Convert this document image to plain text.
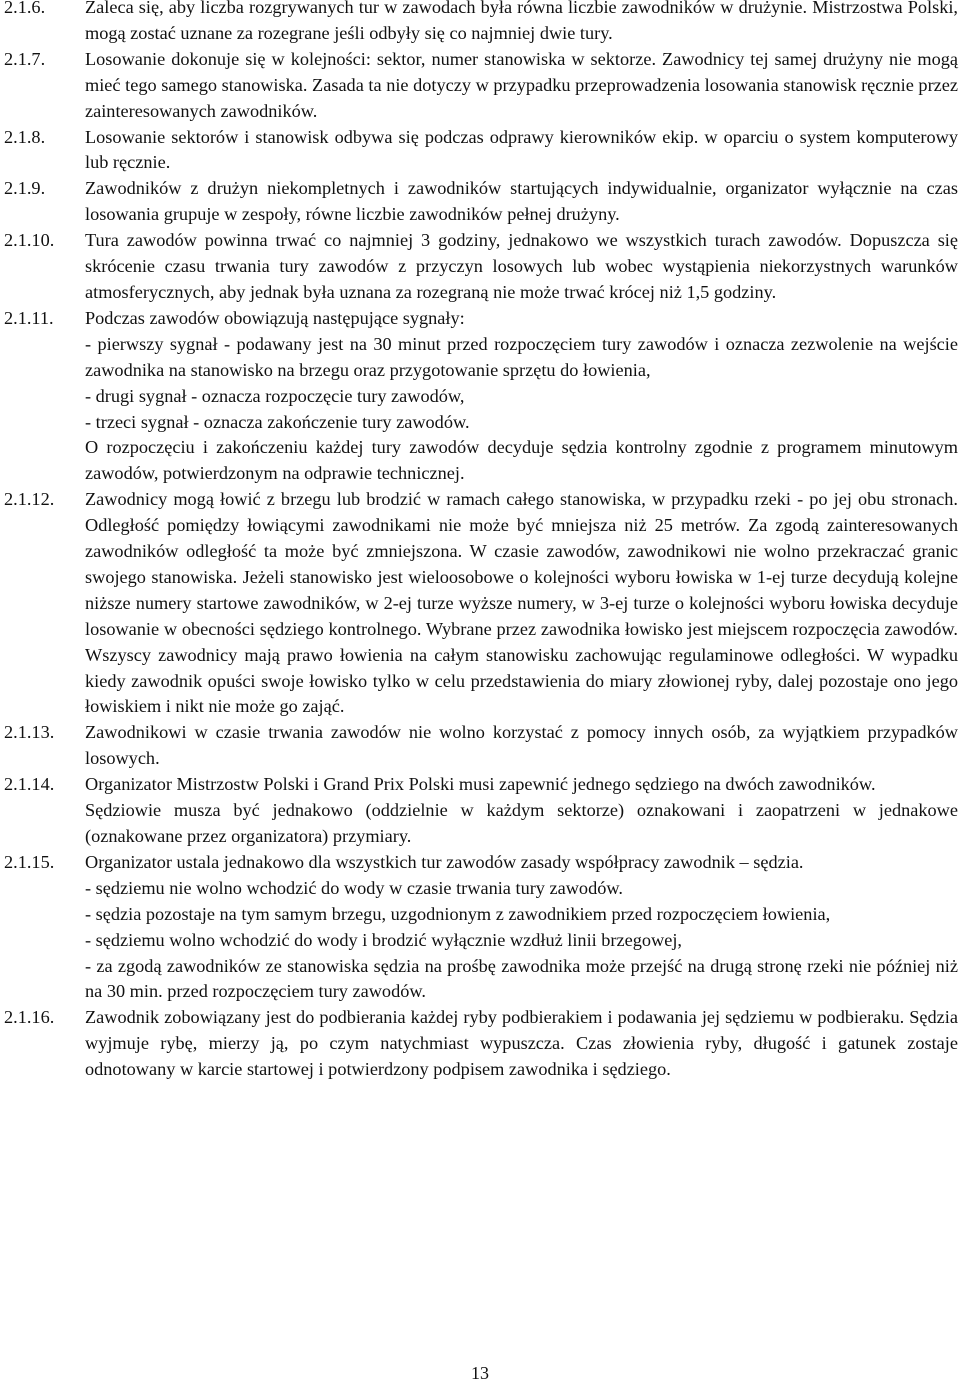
2.1.6. Zaleca się, aby liczba rozgrywanych tur w zawodach była równa liczbie zawodników w drużynie. Mistrzostwa Polski, mogą zostać uznane za rozegrane jeśli odbyły się co najmniej dwie tury.

2.1.7. Losowanie dokonuje się w kolejności: sektor, numer stanowiska w sektorze. Zawodnicy tej samej drużyny nie mogą mieć tego samego stanowiska. Zasada ta nie dotyczy w przypadku przeprowadzenia losowania stanowisk ręcznie przez zainteresowanych zawodników.

2.1.8. Losowanie sektorów i stanowisk odbywa się podczas odprawy kierowników ekip. w oparciu o system komputerowy lub ręcznie.

2.1.9. Zawodników z drużyn niekompletnych i zawodników startujących indywidualnie, organizator wyłącznie na czas losowania grupuje w zespoły, równe liczbie zawodników pełnej drużyny.

2.1.10. Tura zawodów powinna trwać co najmniej 3 godziny, jednakowo we wszystkich turach zawodów. Dopuszcza się skrócenie czasu trwania tury zawodów z przyczyn losowych lub wobec wystąpienia niekorzystnych warunków atmosferycznych, aby jednak była uznana za rozegraną nie może trwać krócej niż 1,5 godziny.

2.1.11. Podczas zawodów obowiązują następujące sygnały:

- pierwszy sygnał - podawany jest na 30 minut przed rozpoczęciem tury zawodów i oznacza zezwolenie na wejście zawodnika na stanowisko na brzegu oraz przygotowanie sprzętu do łowienia,

- drugi sygnał - oznacza rozpoczęcie tury zawodów,

- trzeci sygnał - oznacza zakończenie tury zawodów.

O rozpoczęciu i zakończeniu każdej tury zawodów decyduje sędzia kontrolny zgodnie z programem minutowym zawodów, potwierdzonym na odprawie technicznej.

2.1.12. Zawodnicy mogą łowić z brzegu lub brodzić w ramach całego stanowiska, w przypadku rzeki - po jej obu stronach. Odległość pomiędzy łowiącymi zawodnikami nie może być mniejsza niż 25 metrów. Za zgodą zainteresowanych zawodników odległość ta może być zmniejszona. W czasie zawodów, zawodnikowi nie wolno przekraczać granic swojego stanowiska. Jeżeli stanowisko jest wieloosobowe o kolejności wyboru łowiska w 1-ej turze decydują kolejne niższe numery startowe zawodników, w 2-ej turze wyższe numery, w 3-ej turze o kolejności wyboru łowiska decyduje losowanie w obecności sędziego kontrolnego. Wybrane przez zawodnika łowisko jest miejscem rozpoczęcia zawodów. Wszyscy zawodnicy mają prawo łowienia na całym stanowisku zachowując regulaminowe odległości. W wypadku kiedy zawodnik opuści swoje łowisko tylko w celu przedstawienia do miary złowionej ryby, dalej pozostaje ono jego łowiskiem i nikt nie może go zająć.

2.1.13. Zawodnikowi w czasie trwania zawodów nie wolno korzystać z pomocy innych osób, za wyjątkiem przypadków losowych.

2.1.14. Organizator Mistrzostw Polski i Grand Prix Polski musi zapewnić jednego sędziego na dwóch zawodników.

Sędziowie musza być jednakowo (oddzielnie w każdym sektorze) oznakowani i zaopatrzeni w jednakowe (oznakowane przez organizatora) przymiary.

2.1.15. Organizator ustala jednakowo dla wszystkich tur zawodów zasady współpracy zawodnik – sędzia.

- sędziemu nie wolno wchodzić do wody w czasie trwania tury zawodów.

- sędzia pozostaje na tym samym brzegu, uzgodnionym z zawodnikiem przed rozpoczęciem łowienia,

- sędziemu wolno wchodzić do wody i brodzić wyłącznie wzdłuż linii brzegowej,

- za zgodą zawodników ze stanowiska sędzia na prośbę zawodnika może przejść na drugą stronę rzeki nie później niż na 30 min. przed rozpoczęciem tury zawodów.

2.1.16. Zawodnik zobowiązany jest do podbierania każdej ryby podbierakiem i podawania jej sędziemu w podbieraku. Sędzia wyjmuje rybę, mierzy ją, po czym natychmiast wypuszcza. Czas złowienia ryby, długość i gatunek zostaje odnotowany w karcie startowej i potwierdzony podpisem zawodnika i sędziego.

13
